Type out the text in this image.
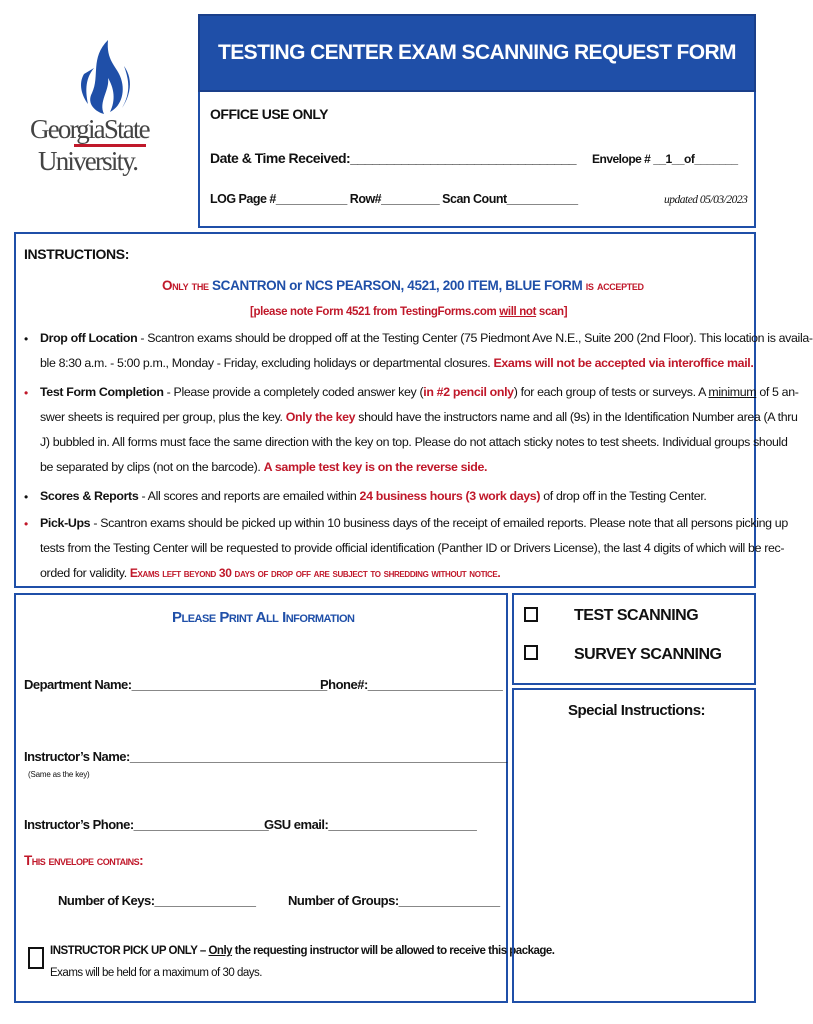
GeorgiaState
University.
TESTING CENTER EXAM SCANNING REQUEST FORM
OFFICE USE ONLY
Date & Time Received:_______________________________ Envelope # __1__of_______
LOG Page #___________ Row#_________ Scan Count___________	updated 05/03/2023
INSTRUCTIONS:
Only the SCANTRON or NCS PEARSON, 4521, 200 ITEM, BLUE FORM is accepted
[please note Form 4521 from TestingForms.com will not scan]
• Drop off Location - Scantron exams should be dropped off at the Testing Center (75 Piedmont Ave N.E., Suite 200 (2nd Floor). This location is availa-
ble 8:30 a.m. - 5:00 p.m., Monday - Friday, excluding holidays or departmental closures. Exams will not be accepted via interoffice mail.
• Test Form Completion - Please provide a completely coded answer key (in #2 pencil only) for each group of tests or surveys. A minimum of 5 an-
swer sheets is required per group, plus the key. Only the key should have the instructors name and all (9s) in the Identification Number area (A thru
J) bubbled in. All forms must face the same direction with the key on top. Please do not attach sticky notes to test sheets. Individual groups should
be separated by clips (not on the barcode). A sample test key is on the reverse side.
• Scores & Reports - All scores and reports are emailed within 24 business hours (3 work days) of drop off in the Testing Center.
• Pick-Ups - Scantron exams should be picked up within 10 business days of the receipt of emailed reports. Please note that all persons picking up
tests from the Testing Center will be requested to provide official identification (Panther ID or Drivers License), the last 4 digits of which will be rec-
orded for validity. Exams left beyond 30 days of drop off are subject to shredding without notice.
Please Print All Information
Department Name:_____________________________
Phone#:____________________
Instructor’s Name:________________________________________________________
(Same as the key)
Instructor’s Phone:____________________
GSU email:______________________
This envelope contains:
Number of Keys:_______________	Number of Groups:_______________
INSTRUCTOR PICK UP ONLY – Only the requesting instructor will be allowed to receive this package.
Exams will be held for a maximum of 30 days.
TEST SCANNING
SURVEY SCANNING
Special Instructions:
